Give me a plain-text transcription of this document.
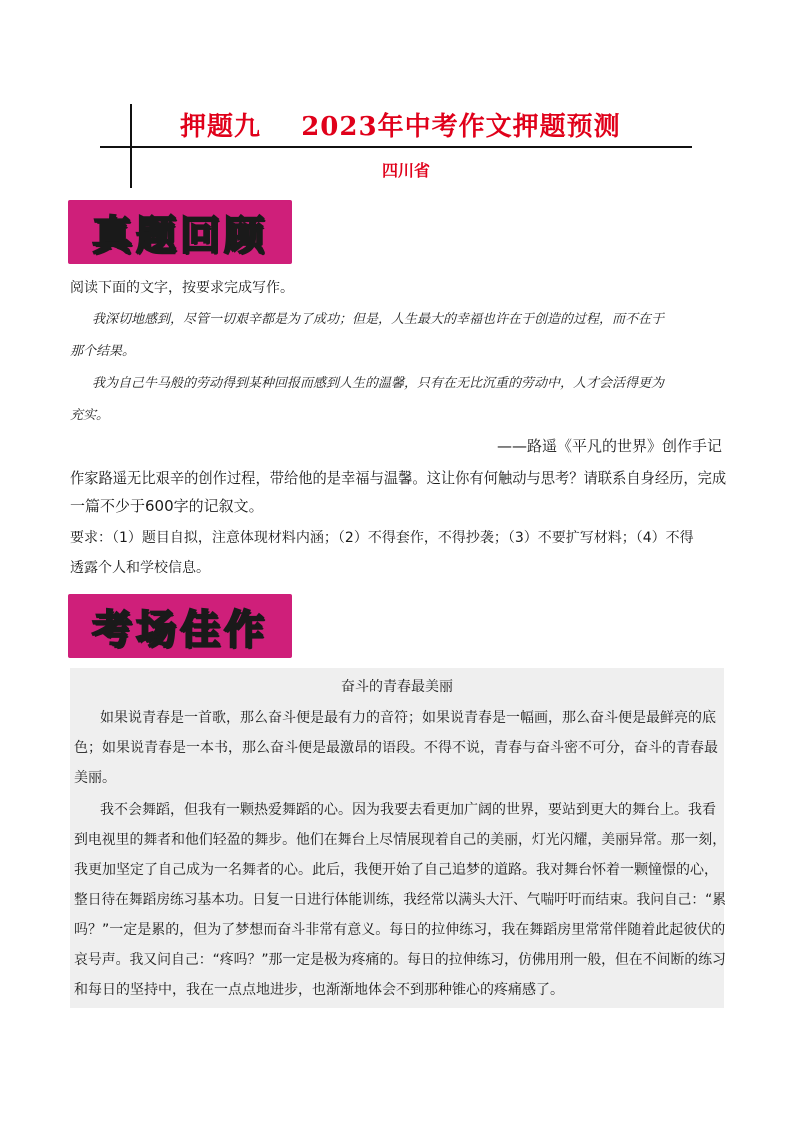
押题九    2023年中考作文押题预测
四川省
真题回顾
阅读下面的文字，按要求完成写作。
我深切地感到，尽管一切艰辛都是为了成功；但是，人生最大的幸福也许在于创造的过程，而不在于
那个结果。
我为自己牛马般的劳动得到某种回报而感到人生的温馨，只有在无比沉重的劳动中，人才会活得更为
充实。
——路遥《平凡的世界》创作手记
作家路遥无比艰辛的创作过程，带给他的是幸福与温馨。这让你有何触动与思考？请联系自身经历，完成
一篇不少于600字的记叙文。
要求：（1）题目自拟，注意体现材料内涵；（2）不得套作，不得抄袭；（3）不要扩写材料；（4）不得
透露个人和学校信息。
考场佳作
奋斗的青春最美丽
如果说青春是一首歌，那么奋斗便是最有力的音符；如果说青春是一幅画，那么奋斗便是最鲜亮的底
色；如果说青春是一本书，那么奋斗便是最激昂的语段。不得不说，青春与奋斗密不可分，奋斗的青春最
美丽。
我不会舞蹈，但我有一颗热爱舞蹈的心。因为我要去看更加广阔的世界，要站到更大的舞台上。我看
到电视里的舞者和他们轻盈的舞步。他们在舞台上尽情展现着自己的美丽，灯光闪耀，美丽异常。那一刻，
我更加坚定了自己成为一名舞者的心。此后，我便开始了自己追梦的道路。我对舞台怀着一颗憧憬的心，
整日待在舞蹈房练习基本功。日复一日进行体能训练，我经常以满头大汗、气喘吁吁而结束。我问自己：“累
吗？”一定是累的，但为了梦想而奋斗非常有意义。每日的拉伸练习，我在舞蹈房里常常伴随着此起彼伏的
哀号声。我又问自己：“疼吗？”那一定是极为疼痛的。每日的拉伸练习，仿佛用刑一般，但在不间断的练习
和每日的坚持中，我在一点点地进步，也渐渐地体会不到那种锥心的疼痛感了。
